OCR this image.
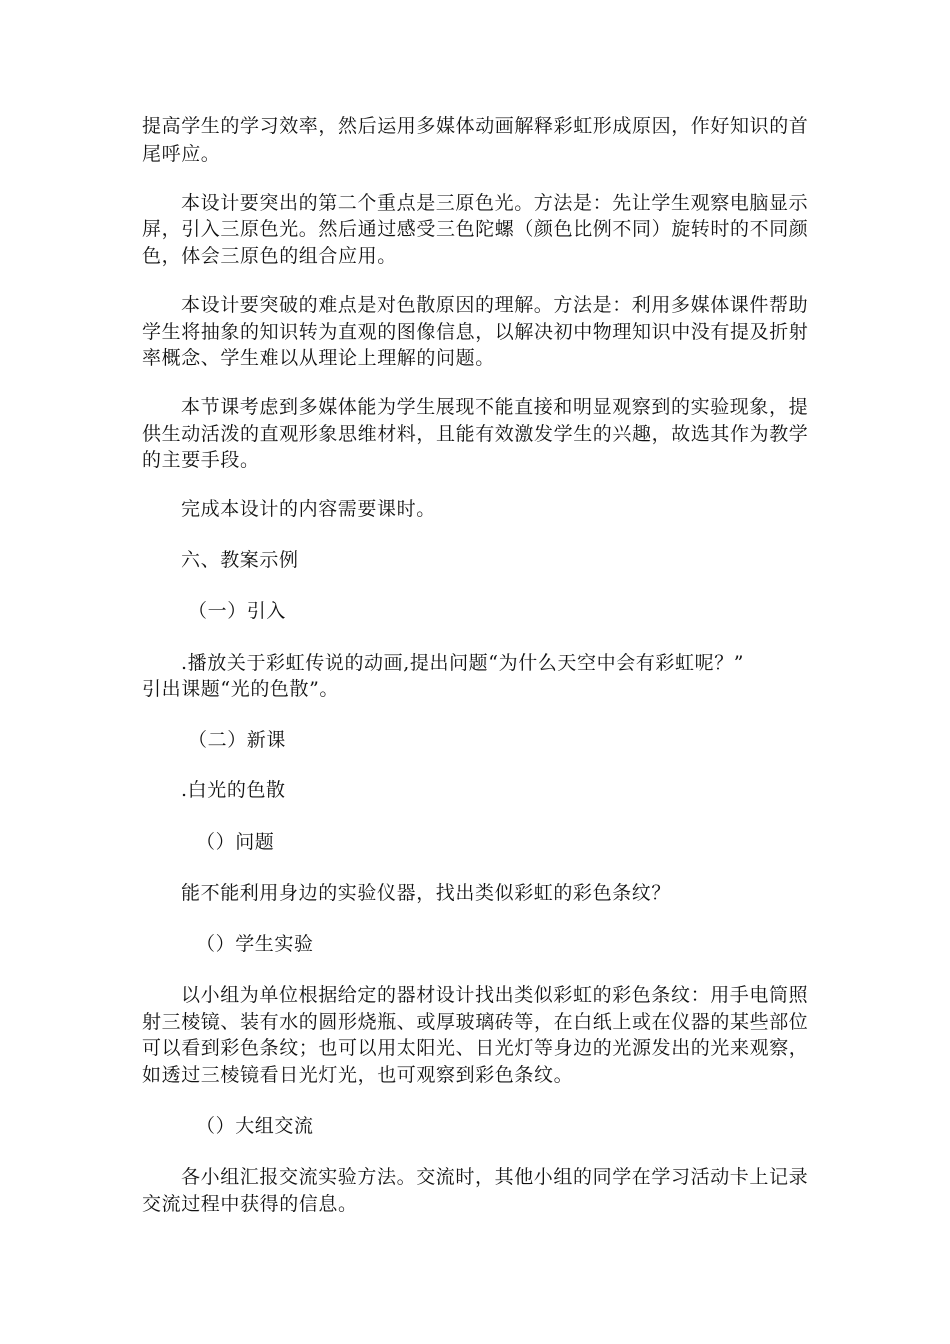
提高学生的学习效率，然后运用多媒体动画解释彩虹形成原因，作好知识的首
尾呼应。
本设计要突出的第二个重点是三原色光。方法是：先让学生观察电脑显示
屏，引入三原色光。然后通过感受三色陀螺（颜色比例不同）旋转时的不同颜
色，体会三原色的组合应用。
本设计要突破的难点是对色散原因的理解。方法是：利用多媒体课件帮助
学生将抽象的知识转为直观的图像信息，以解决初中物理知识中没有提及折射
率概念、学生难以从理论上理解的问题。
本节课考虑到多媒体能为学生展现不能直接和明显观察到的实验现象，提
供生动活泼的直观形象思维材料，且能有效激发学生的兴趣，故选其作为教学
的主要手段。
完成本设计的内容需要课时。
六、教案示例
（一）引入
.播放关于彩虹传说的动画,提出问题“为什么天空中会有彩虹呢？”
引出课题“光的色散”。
（二）新课
.白光的色散
（）问题
能不能利用身边的实验仪器，找出类似彩虹的彩色条纹？
（）学生实验
以小组为单位根据给定的器材设计找出类似彩虹的彩色条纹：用手电筒照
射三棱镜、装有水的圆形烧瓶、或厚玻璃砖等，在白纸上或在仪器的某些部位
可以看到彩色条纹；也可以用太阳光、日光灯等身边的光源发出的光来观察，
如透过三棱镜看日光灯光，也可观察到彩色条纹。
（）大组交流
各小组汇报交流实验方法。交流时，其他小组的同学在学习活动卡上记录
交流过程中获得的信息。
